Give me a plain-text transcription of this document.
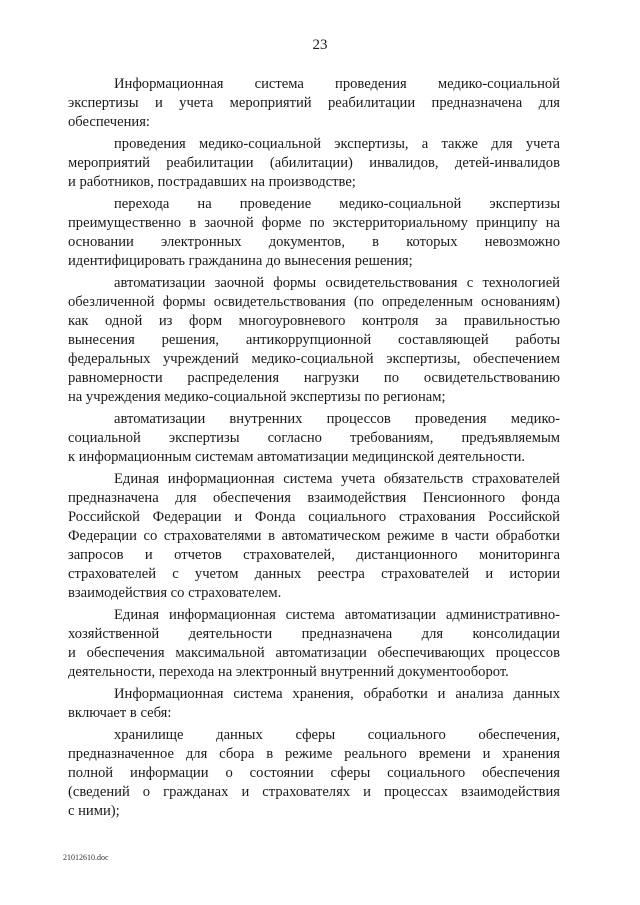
23
Информационная система проведения медико-социальной
экспертизы и учета мероприятий реабилитации предназначена для
обеспечения:
проведения медико-социальной экспертизы, а также для учета
мероприятий реабилитации (абилитации) инвалидов, детей-инвалидов
и работников, пострадавших на производстве;
перехода на проведение медико-социальной экспертизы
преимущественно в заочной форме по экстерриториальному принципу на
основании электронных документов, в которых невозможно
идентифицировать гражданина до вынесения решения;
автоматизации заочной формы освидетельствования с технологией
обезличенной формы освидетельствования (по определенным основаниям)
как одной из форм многоуровневого контроля за правильностью
вынесения решения, антикоррупционной составляющей работы
федеральных учреждений медико-социальной экспертизы, обеспечением
равномерности распределения нагрузки по освидетельствованию
на учреждения медико-социальной экспертизы по регионам;
автоматизации внутренних процессов проведения медико-
социальной экспертизы согласно требованиям, предъявляемым
к информационным системам автоматизации медицинской деятельности.
Единая информационная система учета обязательств страхователей
предназначена для обеспечения взаимодействия Пенсионного фонда
Российской Федерации и Фонда социального страхования Российской
Федерации со страхователями в автоматическом режиме в части обработки
запросов и отчетов страхователей, дистанционного мониторинга
страхователей с учетом данных реестра страхователей и истории
взаимодействия со страхователем.
Единая информационная система автоматизации административно-
хозяйственной деятельности предназначена для консолидации
и обеспечения максимальной автоматизации обеспечивающих процессов
деятельности, перехода на электронный внутренний документооборот.
Информационная система хранения, обработки и анализа данных
включает в себя:
хранилище данных сферы социального обеспечения,
предназначенное для сбора в режиме реального времени и хранения
полной информации о состоянии сферы социального обеспечения
(сведений о гражданах и страхователях и процессах взаимодействия
с ними);
21012610.doc
